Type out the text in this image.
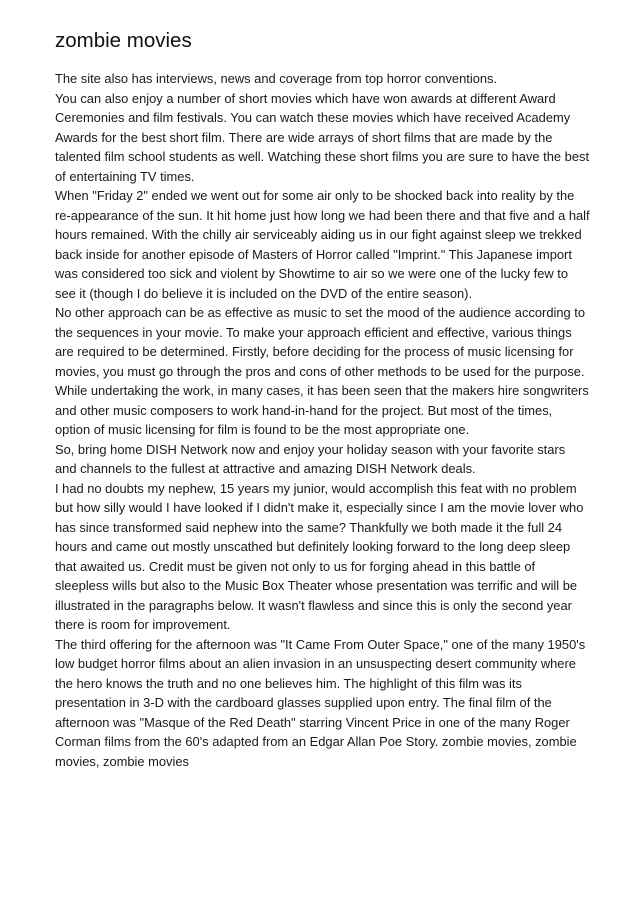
zombie movies

The site also has interviews, news and coverage from top horror conventions.

You can also enjoy a number of short movies which have won awards at different Award Ceremonies and film festivals. You can watch these movies which have received Academy Awards for the best short film. There are wide arrays of short films that are made by the talented film school students as well. Watching these short films you are sure to have the best of entertaining TV times.

When "Friday 2" ended we went out for some air only to be shocked back into reality by the re-appearance of the sun. It hit home just how long we had been there and that five and a half hours remained. With the chilly air serviceably aiding us in our fight against sleep we trekked back inside for another episode of Masters of Horror called "Imprint." This Japanese import was considered too sick and violent by Showtime to air so we were one of the lucky few to see it (though I do believe it is included on the DVD of the entire season).

No other approach can be as effective as music to set the mood of the audience according to the sequences in your movie. To make your approach efficient and effective, various things are required to be determined. Firstly, before deciding for the process of music licensing for movies, you must go through the pros and cons of other methods to be used for the purpose. While undertaking the work, in many cases, it has been seen that the makers hire songwriters and other music composers to work hand-in-hand for the project. But most of the times, option of music licensing for film is found to be the most appropriate one.

So, bring home DISH Network now and enjoy your holiday season with your favorite stars and channels to the fullest at attractive and amazing DISH Network deals.

I had no doubts my nephew, 15 years my junior, would accomplish this feat with no problem but how silly would I have looked if I didn't make it, especially since I am the movie lover who has since transformed said nephew into the same? Thankfully we both made it the full 24 hours and came out mostly unscathed but definitely looking forward to the long deep sleep that awaited us. Credit must be given not only to us for forging ahead in this battle of sleepless wills but also to the Music Box Theater whose presentation was terrific and will be illustrated in the paragraphs below. It wasn't flawless and since this is only the second year there is room for improvement.

The third offering for the afternoon was "It Came From Outer Space," one of the many 1950's low budget horror films about an alien invasion in an unsuspecting desert community where the hero knows the truth and no one believes him. The highlight of this film was its presentation in 3-D with the cardboard glasses supplied upon entry. The final film of the afternoon was "Masque of the Red Death" starring Vincent Price in one of the many Roger Corman films from the 60's adapted from an Edgar Allan Poe Story. zombie movies, zombie movies, zombie movies
